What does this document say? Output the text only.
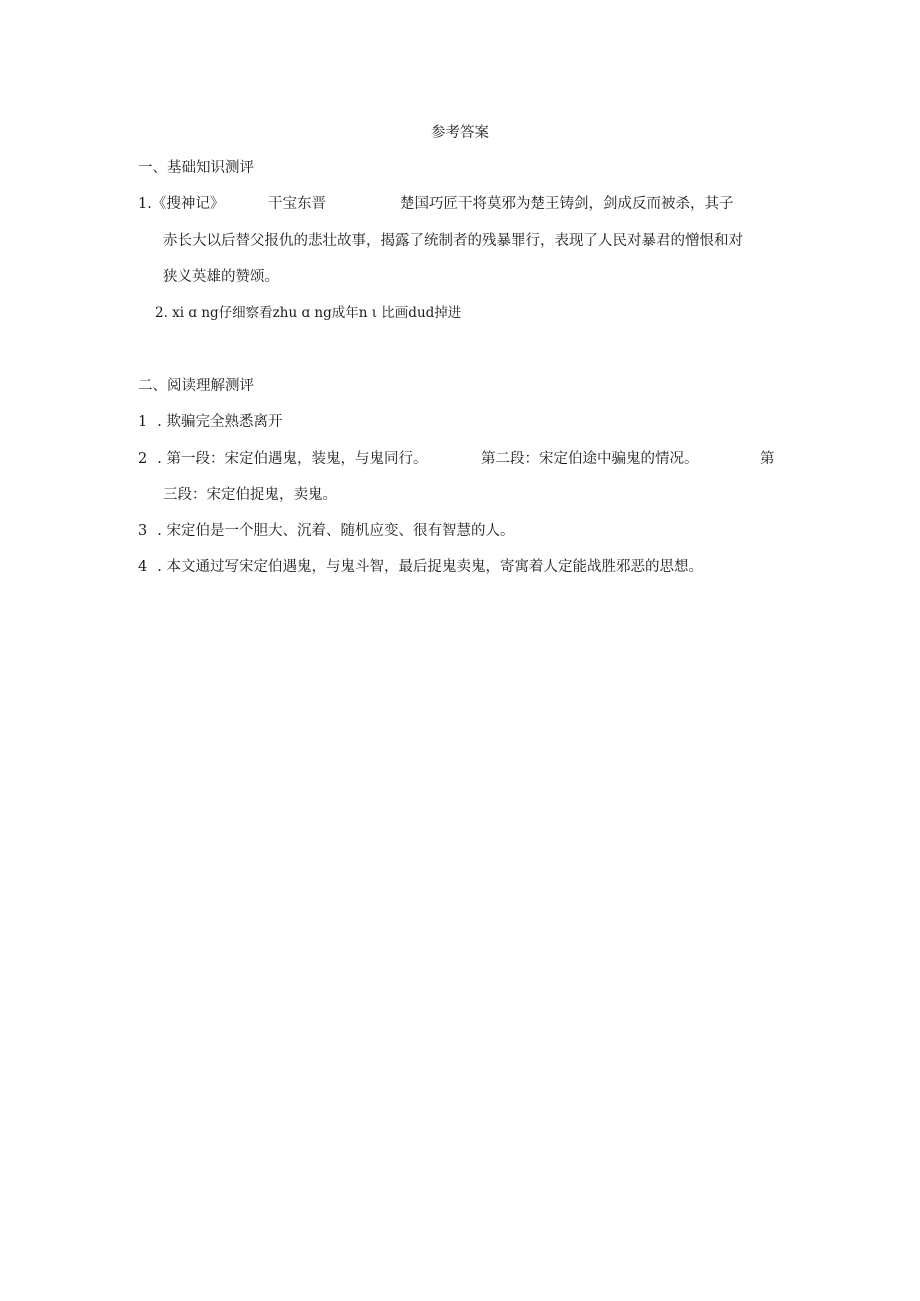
参考答案
一、基础知识测评
1.《搜神记》	干宝东晋	楚国巧匠干将莫邪为楚王铸剑，剑成反而被杀，其子
赤长大以后替父报仇的悲壮故事，揭露了统制者的残暴罪行，表现了人民对暴君的憎恨和对
狭义英雄的赞颂。
2. xi ɑ ng仔细察看zhu ɑ ng成年n ι 比画dud掉进
二、阅读理解测评
1 . 欺骗完全熟悉离开
2 . 第一段：宋定伯遇鬼，装鬼，与鬼同行。	第二段：宋定伯途中骗鬼的情况。	第
三段：宋定伯捉鬼，卖鬼。
3 . 宋定伯是一个胆大、沉着、随机应变、很有智慧的人。
4 . 本文通过写宋定伯遇鬼，与鬼斗智，最后捉鬼卖鬼，寄寓着人定能战胜邪恶的思想。
